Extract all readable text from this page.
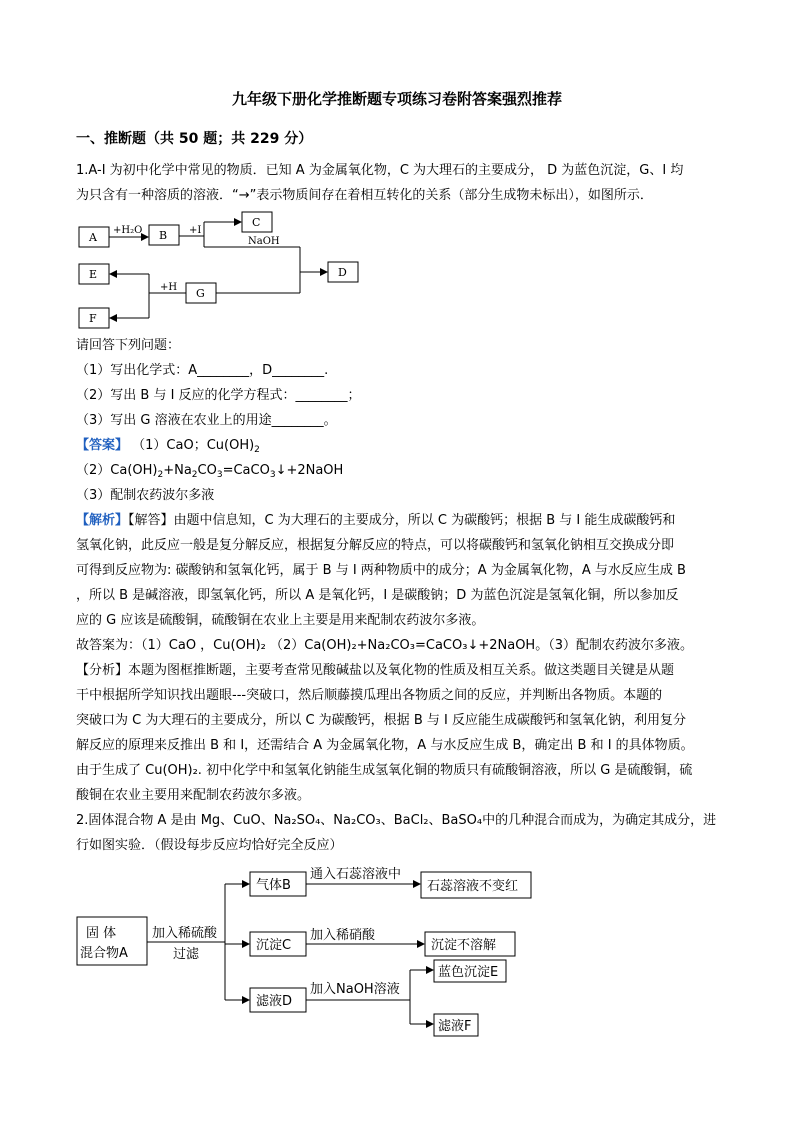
九年级下册化学推断题专项练习卷附答案强烈推荐
一、推断题（共 50 题；共 229 分）
1.A-I 为初中化学中常见的物质．已知 A 为金属氧化物，C 为大理石的主要成分， D 为蓝色沉淀，G、I 均
为只含有一种溶质的溶液．“→”表示物质间存在着相互转化的关系（部分生成物未标出），如图所示．
A	B
C
D
E
G
F
+H₂O	+I
NaOH
+H
请回答下列问题：
（1）写出化学式：A________，D________.
（2）写出 B 与 I 反应的化学方程式：________；
（3）写出 G 溶液在农业上的用途________。
【答案】 （1）CaO；$Cu(OH)_2$
$(2)Ca(OH)_2+Na_2CO_3=CaCO_3↓+2NaOH$
（3）配制农药波尔多液
【解析】【解答】由题中信息知，C 为大理石的主要成分，所以 C 为碳酸钙；根据 B 与 I 能生成碳酸钙和
氢氧化钠，此反应一般是复分解反应，根据复分解反应的特点，可以将碳酸钙和氢氧化钠相互交换成分即
可得到反应物为: 碳酸钠和氢氧化钙，属于 B 与 I 两种物质中的成分；A 为金属氧化物，A 与水反应生成 B
，所以 B 是碱溶液，即氢氧化钙，所以 A 是氧化钙，I 是碳酸钠；D 为蓝色沉淀是氢氧化铜，所以参加反
应的 G 应该是硫酸铜，硫酸铜在农业上主要是用来配制农药波尔多液。
故答案为：（1）CaO ，Cu(OH)₂ （2）Ca(OH)₂+Na₂CO₃=CaCO₃↓+2NaOH。（3）配制农药波尔多液。
【分析】本题为图框推断题，主要考查常见酸碱盐以及氧化物的性质及相互关系。做这类题目关键是从题
干中根据所学知识找出题眼---突破口，然后顺藤摸瓜理出各物质之间的反应，并判断出各物质。本题的
突破口为 C 为大理石的主要成分，所以 C 为碳酸钙，根据 B 与 I 反应能生成碳酸钙和氢氧化钠，利用复分
解反应的原理来反推出 B 和 I，还需结合 A 为金属氧化物，A 与水反应生成 B，确定出 B 和 I 的具体物质。
由于生成了 Cu(OH)₂. 初中化学中和氢氧化钠能生成氢氧化铜的物质只有硫酸铜溶液，所以 G 是硫酸铜，硫
酸铜在农业主要用来配制农药波尔多液。
2.固体混合物 A 是由 Mg、CuO、Na₂SO₄、Na₂CO₃、BaCl₂、BaSO₄中的几种混合而成为，为确定其成分，进
行如图实验．（假设每步反应均恰好完全反应）
固 体
混合物A
加入稀硫酸
过滤
气体B
通入石蕊溶液中
石蕊溶液不变红
沉淀C
加入稀硝酸
沉淀不溶解
滤液D
加入NaOH溶液
蓝色沉淀E
滤液F
